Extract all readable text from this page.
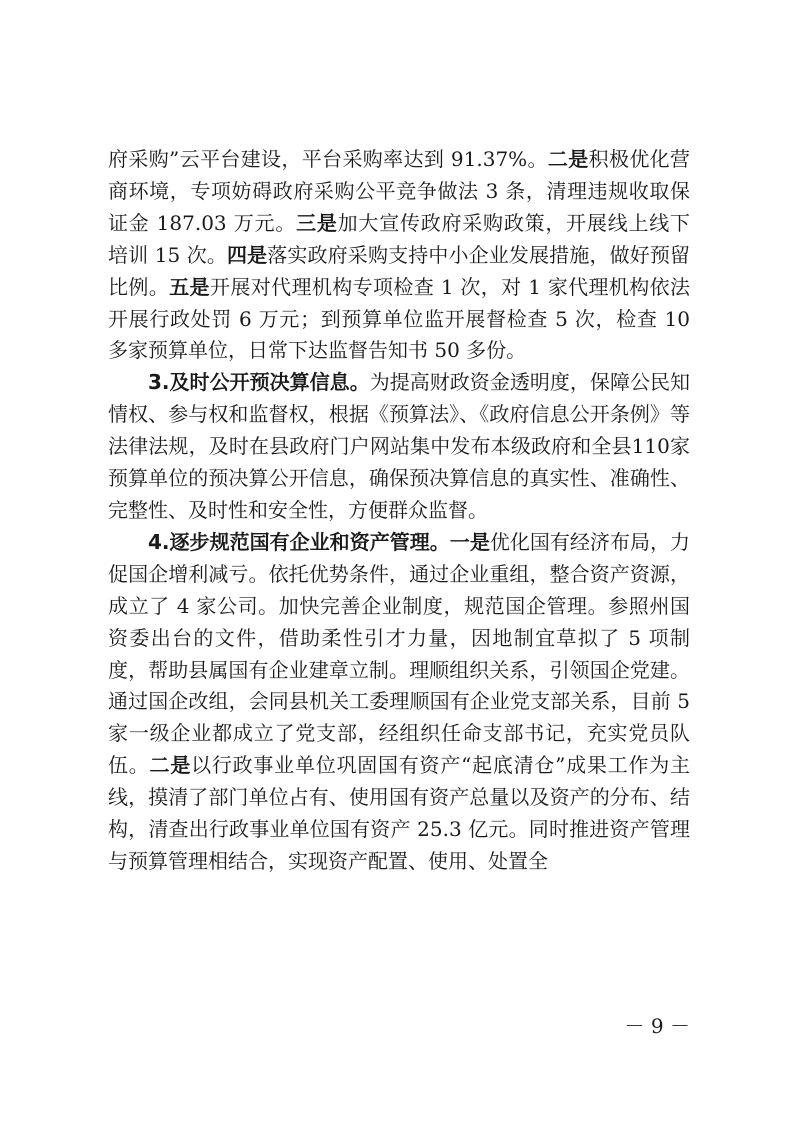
府采购”云平台建设，平台采购率达到 91.37%。二是积极优化营商环境，专项妨碍政府采购公平竞争做法 3 条，清理违规收取保证金 187.03 万元。三是加大宣传政府采购政策，开展线上线下培训 15 次。四是落实政府采购支持中小企业发展措施，做好预留比例。五是开展对代理机构专项检查 1 次，对 1 家代理机构依法开展行政处罚 6 万元；到预算单位监开展督检查 5 次，检查 10 多家预算单位，日常下达监督告知书 50 多份。

3.及时公开预决算信息。为提高财政资金透明度，保障公民知情权、参与权和监督权，根据《预算法》、《政府信息公开条例》等法律法规，及时在县政府门户网站集中发布本级政府和全县110家预算单位的预决算公开信息，确保预决算信息的真实性、准确性、完整性、及时性和安全性，方便群众监督。

4.逐步规范国有企业和资产管理。一是优化国有经济布局，力促国企增利减亏。依托优势条件，通过企业重组，整合资产资源，成立了 4 家公司。加快完善企业制度，规范国企管理。参照州国资委出台的文件，借助柔性引才力量，因地制宜草拟了 5 项制度，帮助县属国有企业建章立制。理顺组织关系，引领国企党建。通过国企改组，会同县机关工委理顺国有企业党支部关系，目前 5 家一级企业都成立了党支部，经组织任命支部书记，充实党员队伍。二是以行政事业单位巩固国有资产“起底清仓”成果工作为主线，摸清了部门单位占有、使用国有资产总量以及资产的分布、结构，清查出行政事业单位国有资产 25.3 亿元。同时推进资产管理与预算管理相结合，实现资产配置、使用、处置全

－ 9 －
